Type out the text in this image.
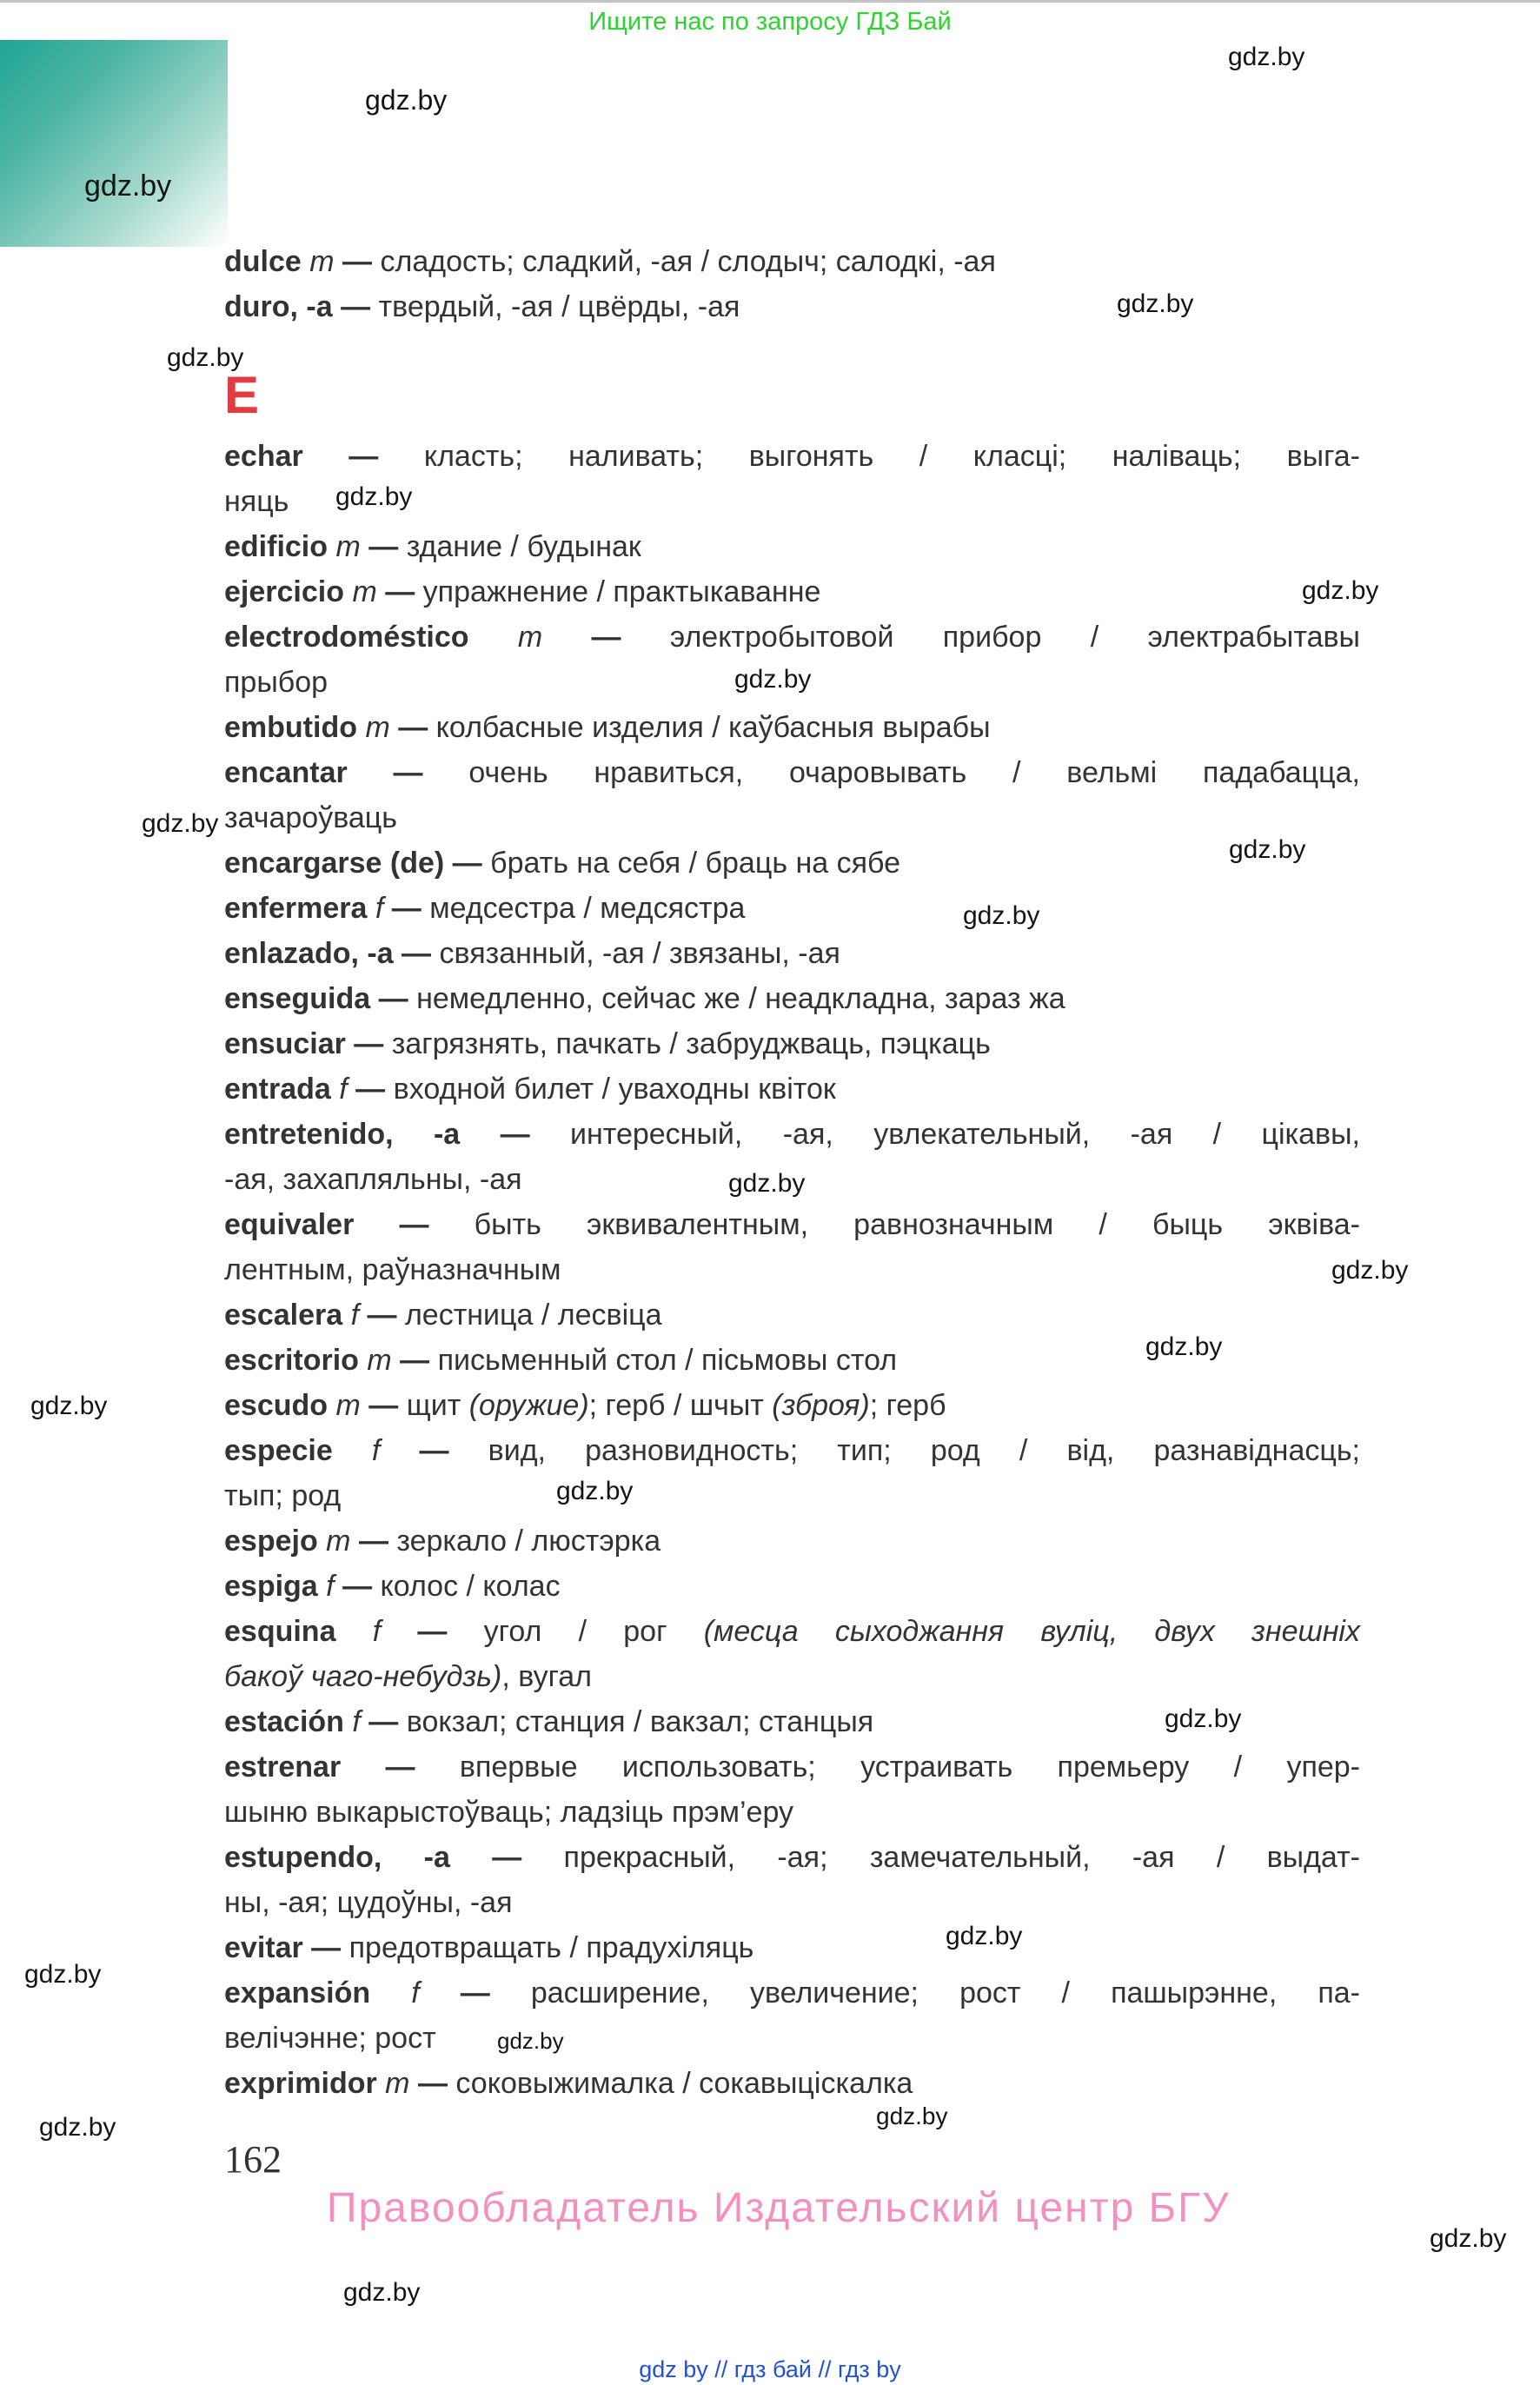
Ищите нас по запросу ГДЗ Бай

dulce m — сладость; сладкий, -ая / слодыч; салодкі, -ая

duro, -a — твердый, -ая / цвёрды, -ая

E

echar — класть; наливать; выгонять / класці; наліваць; выга-
няць

edificio m — здание / будынак

ejercicio m — упражнение / практыкаванне

electrodoméstico m — электробытовой прибор / электрабытавы
прыбор

embutido m — колбасные изделия / каўбасныя вырабы

encantar — очень нравиться, очаровывать / вельмі падабацца,
зачароўваць

encargarse (de) — брать на себя / браць на сябе

enfermera f — медсестра / медсястра

enlazado, -a — связанный, -ая / звязаны, -ая

enseguida — немедленно, сейчас же / неадкладна, зараз жа

ensuciar — загрязнять, пачкать / забруджваць, пэцкаць

entrada f — входной билет / уваходны квіток

entretenido, -a — интересный, -ая, увлекательный, -ая / цікавы,
-ая, захапляльны, -ая

equivaler — быть эквивалентным, равнозначным / быць эквіва-
лентным, раўназначным

escalera f — лестница / лесвіца

escritorio m — письменный стол / пісьмовы стол

escudo m — щит (оружие); герб / шчыт (зброя); герб

especie f — вид, разновидность; тип; род / від, разнавіднасць;
тып; род

espejo m — зеркало / люстэрка

espiga f — колос / колас

esquina f — угол / рог (месца сыходжання вуліц, двух знешніх
бакоў чаго-небудзь), вугал

estación f — вокзал; станция / вакзал; станцыя

estrenar — впервые использовать; устраивать премьеру / упер-
шыню выкарыстоўваць; ладзіць прэм’еру

estupendo, -a — прекрасный, -ая; замечательный, -ая / выдат-
ны, -ая; цудоўны, -ая

evitar — предотвращать / прадухіляць

expansión f — расширение, увеличение; рост / пашырэнне, па-
велічэнне; рост

exprimidor m — соковыжималка / сокавыціскалка

162
Правообладатель Издательский центр БГУ
gdz by // гдз бай // гдз by
gdz.by
gdz.by
gdz.by
gdz.by
gdz.by
gdz.by
gdz.by
gdz.by
gdz.by
gdz.by
gdz.by
gdz.by
gdz.by
gdz.by
gdz.by
gdz.by
gdz.by
gdz.by
gdz.by
gdz.by
gdz.by
gdz.by
gdz.by
gdz.by
